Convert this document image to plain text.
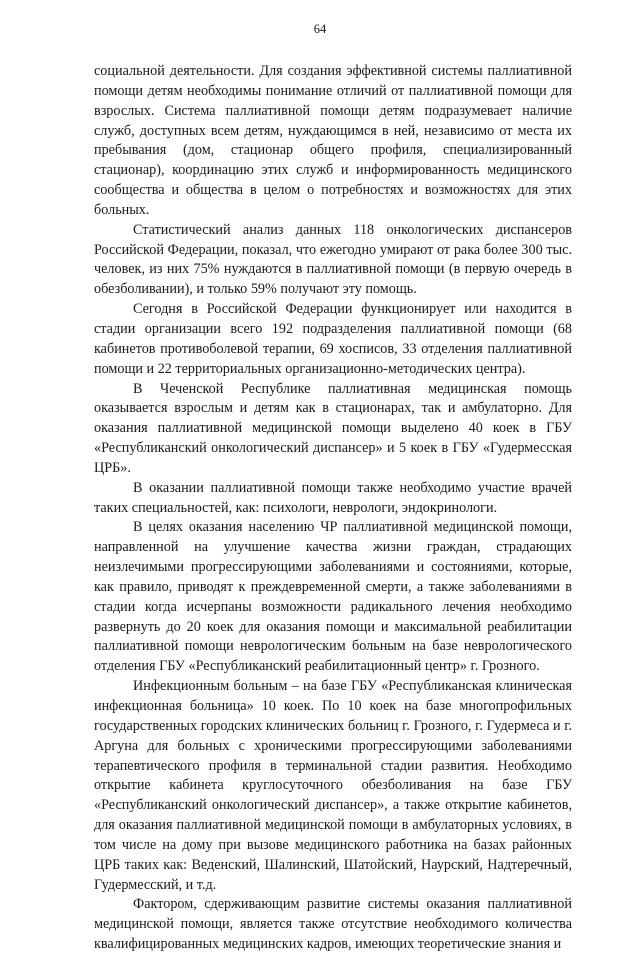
64

социальной деятельности. Для создания эффективной системы паллиативной помощи детям необходимы понимание отличий от паллиативной помощи для взрослых. Система паллиативной помощи детям подразумевает наличие служб, доступных всем детям, нуждающимся в ней, независимо от места их пребывания (дом, стационар общего профиля, специализированный стационар), координацию этих служб и информированность медицинского сообщества и общества в целом о потребностях и возможностях для этих больных.

Статистический анализ данных 118 онкологических диспансеров Российской Федерации, показал, что ежегодно умирают от рака более 300 тыс. человек, из них 75% нуждаются в паллиативной помощи (в первую очередь в обезболивании), и только 59% получают эту помощь.

Сегодня в Российской Федерации функционирует или находится в стадии организации всего 192 подразделения паллиативной помощи (68 кабинетов противоболевой терапии, 69 хосписов, 33 отделения паллиативной помощи и 22 территориальных организационно-методических центра).

В Чеченской Республике паллиативная медицинская помощь оказывается взрослым и детям как в стационарах, так и амбулаторно. Для оказания паллиативной медицинской помощи выделено 40 коек в ГБУ «Республиканский онкологический диспансер» и 5 коек в ГБУ «Гудермесская ЦРБ».

В оказании паллиативной помощи также необходимо участие врачей таких специальностей, как: психологи, неврологи, эндокринологи.

В целях оказания населению ЧР паллиативной медицинской помощи, направленной на улучшение качества жизни граждан, страдающих неизлечимыми прогрессирующими заболеваниями и состояниями, которые, как правило, приводят к преждевременной смерти, а также заболеваниями в стадии когда исчерпаны возможности радикального лечения необходимо развернуть до 20 коек для оказания помощи и максимальной реабилитации паллиативной помощи неврологическим больным на базе неврологического отделения ГБУ «Республиканский реабилитационный центр» г. Грозного.

Инфекционным больным – на базе ГБУ «Республиканская клиническая инфекционная больница» 10 коек. По 10 коек на базе многопрофильных государственных городских клинических больниц г. Грозного, г. Гудермеса и г. Аргуна для больных с хроническими прогрессирующими заболеваниями терапевтического профиля в терминальной стадии развития. Необходимо открытие кабинета круглосуточного обезболивания на базе ГБУ «Республиканский онкологический диспансер», а также открытие кабинетов, для оказания паллиативной медицинской помощи в амбулаторных условиях, в том числе на дому при вызове медицинского работника на базах районных ЦРБ таких как: Веденский, Шалинский, Шатойский, Наурский, Надтеречный, Гудермесский, и т.д.

Фактором, сдерживающим развитие системы оказания паллиативной медицинской помощи, является также отсутствие необходимого количества квалифицированных медицинских кадров, имеющих теоретические знания и
